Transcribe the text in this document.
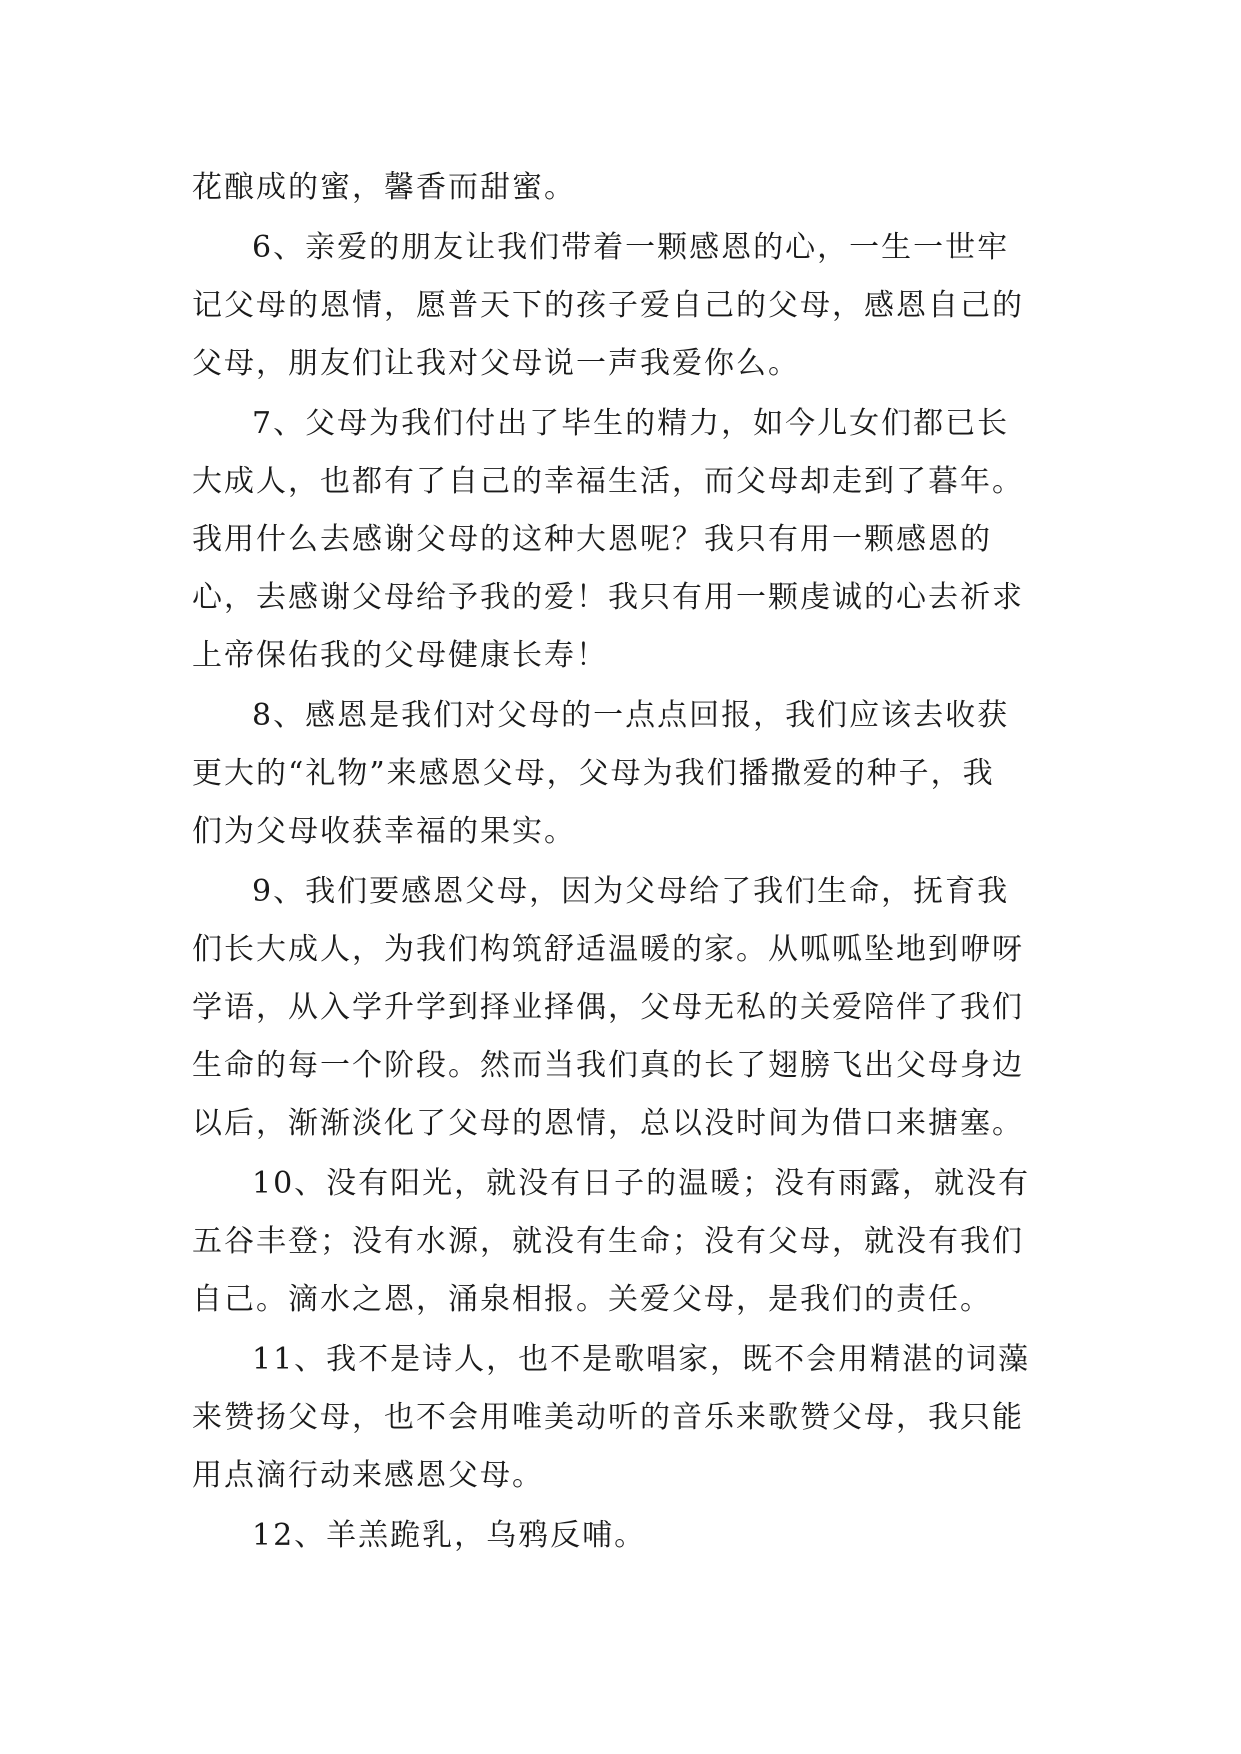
花酿成的蜜，馨香而甜蜜。
6、亲爱的朋友让我们带着一颗感恩的心，一生一世牢
记父母的恩情，愿普天下的孩子爱自己的父母，感恩自己的
父母，朋友们让我对父母说一声我爱你么。
7、父母为我们付出了毕生的精力，如今儿女们都已长
大成人，也都有了自己的幸福生活，而父母却走到了暮年。
我用什么去感谢父母的这种大恩呢？我只有用一颗感恩的
心，去感谢父母给予我的爱！我只有用一颗虔诚的心去祈求
上帝保佑我的父母健康长寿！
8、感恩是我们对父母的一点点回报，我们应该去收获
更大的“礼物”来感恩父母，父母为我们播撒爱的种子，我
们为父母收获幸福的果实。
9、我们要感恩父母，因为父母给了我们生命，抚育我
们长大成人，为我们构筑舒适温暖的家。从呱呱坠地到咿呀
学语，从入学升学到择业择偶，父母无私的关爱陪伴了我们
生命的每一个阶段。然而当我们真的长了翅膀飞出父母身边
以后，渐渐淡化了父母的恩情，总以没时间为借口来搪塞。
10、没有阳光，就没有日子的温暖；没有雨露，就没有
五谷丰登；没有水源，就没有生命；没有父母，就没有我们
自己。滴水之恩，涌泉相报。关爱父母，是我们的责任。
11、我不是诗人，也不是歌唱家，既不会用精湛的词藻
来赞扬父母，也不会用唯美动听的音乐来歌赞父母，我只能
用点滴行动来感恩父母。
12、羊羔跪乳，乌鸦反哺。
